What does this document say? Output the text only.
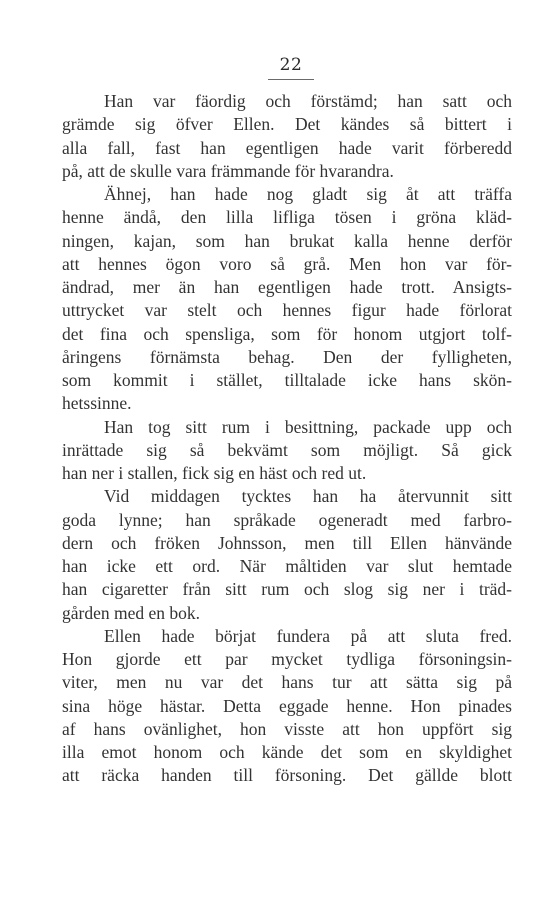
22
Han var fäordig och förstämd; han satt och
grämde sig öfver Ellen. Det kändes så bittert i
alla fall, fast han egentligen hade varit förberedd
på, att de skulle vara främmande för hvarandra.
Ähnej, han hade nog gladt sig åt att träffa
henne ändå, den lilla lifliga tösen i gröna kläd-
ningen, kajan, som han brukat kalla henne derför
att hennes ögon voro så grå. Men hon var för-
ändrad, mer än han egentligen hade trott. Ansigts-
uttrycket var stelt och hennes figur hade förlorat
det fina och spensliga, som för honom utgjort tolf-
åringens förnämsta behag. Den der fylligheten,
som kommit i stället, tilltalade icke hans skön-
hetssinne.
Han tog sitt rum i besittning, packade upp och
inrättade sig så bekvämt som möjligt. Så gick
han ner i stallen, fick sig en häst och red ut.
Vid middagen tycktes han ha återvunnit sitt
goda lynne; han språkade ogeneradt med farbro-
dern och fröken Johnsson, men till Ellen hänvände
han icke ett ord. När måltiden var slut hemtade
han cigaretter från sitt rum och slog sig ner i träd-
gården med en bok.
Ellen hade börjat fundera på att sluta fred.
Hon gjorde ett par mycket tydliga försoningsin-
viter, men nu var det hans tur att sätta sig på
sina höge hästar. Detta eggade henne. Hon pinades
af hans ovänlighet, hon visste att hon uppfört sig
illa emot honom och kände det som en skyldighet
att räcka handen till försoning. Det gällde blott
